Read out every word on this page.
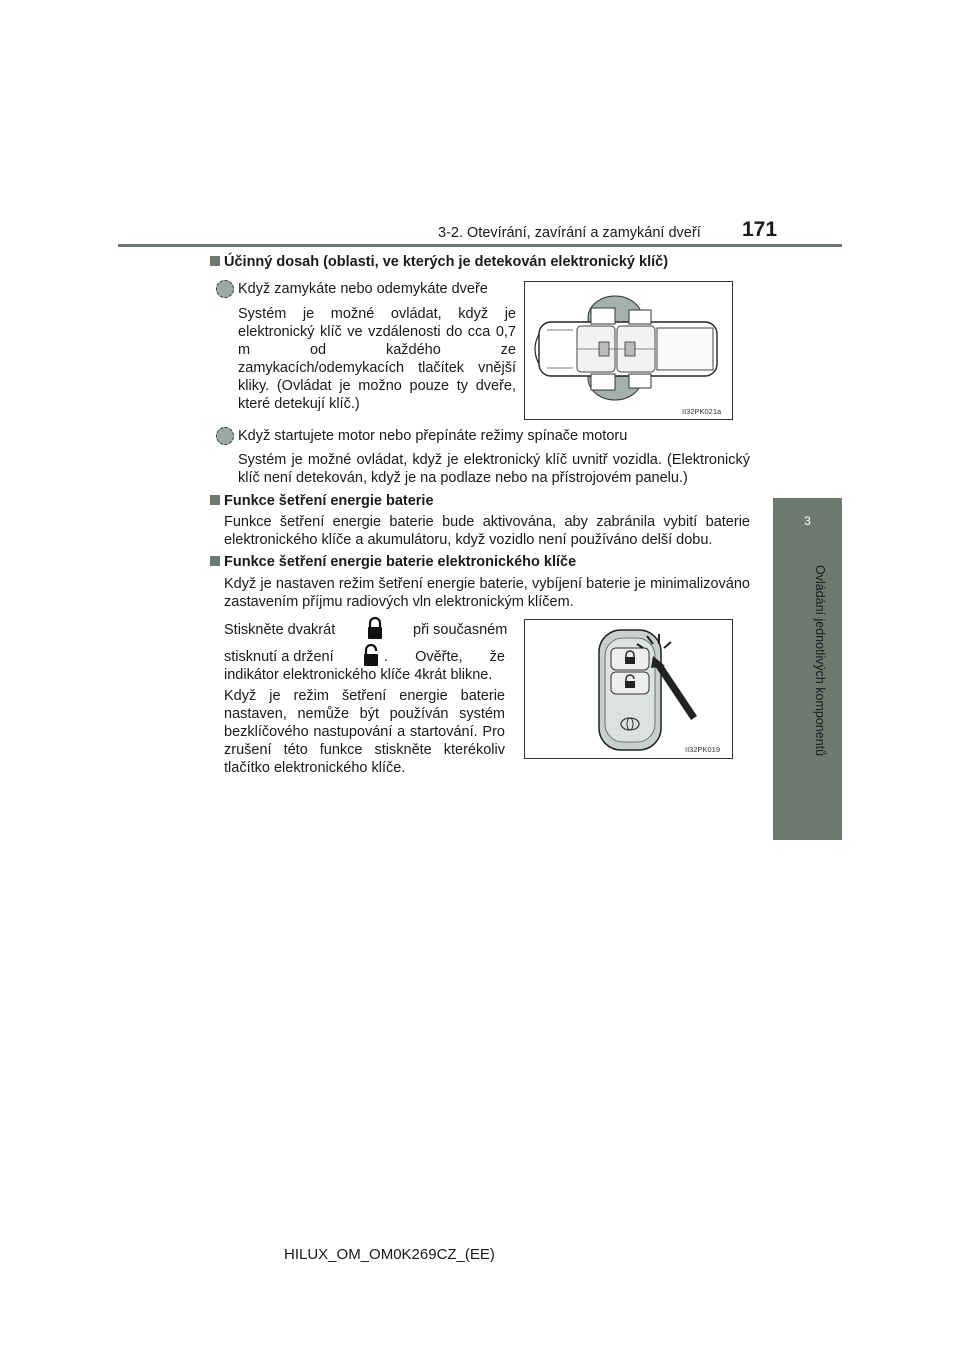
3-2. Otevírání, zavírání a zamykání dveří 171
3
Ovládání jednotlivých komponentů
Účinný dosah (oblasti, ve kterých je detekován elektronický klíč)
Když zamykáte nebo odemykáte dveře
Systém je možné ovládat, když je elektronický klíč ve vzdálenosti do cca 0,7 m od každého ze zamykacích/odemykacích tlačítek vnější kliky. (Ovládat je možno pouze ty dveře, které detekují klíč.)	II32PK021a
Když startujete motor nebo přepínáte režimy spínače motoru
Systém je možné ovládat, když je elektronický klíč uvnitř vozidla. (Elektronický klíč není detekován, když je na podlaze nebo na přístrojovém panelu.)
Funkce šetření energie baterie
Funkce šetření energie baterie bude aktivována, aby zabránila vybití baterie elektronického klíče a akumulátoru, když vozidlo není používáno delší dobu.
Funkce šetření energie baterie elektronického klíče
Když je nastaven režim šetření energie baterie, vybíjení baterie je minimalizováno zastavením příjmu radiových vln elektronickým klíčem.
Stiskněte dvakrát	při současném
stisknutí a držení	. Ověřte, že indikátor elektronického klíče 4krát blikne.
Když je režim šetření energie baterie nastaven, nemůže být používán systém bezklíčového nastupování a startování. Pro zrušení této funkce stiskněte kterékoliv tlačítko elektronického klíče.
II32PK019
HILUX_OM_OM0K269CZ_(EE)
